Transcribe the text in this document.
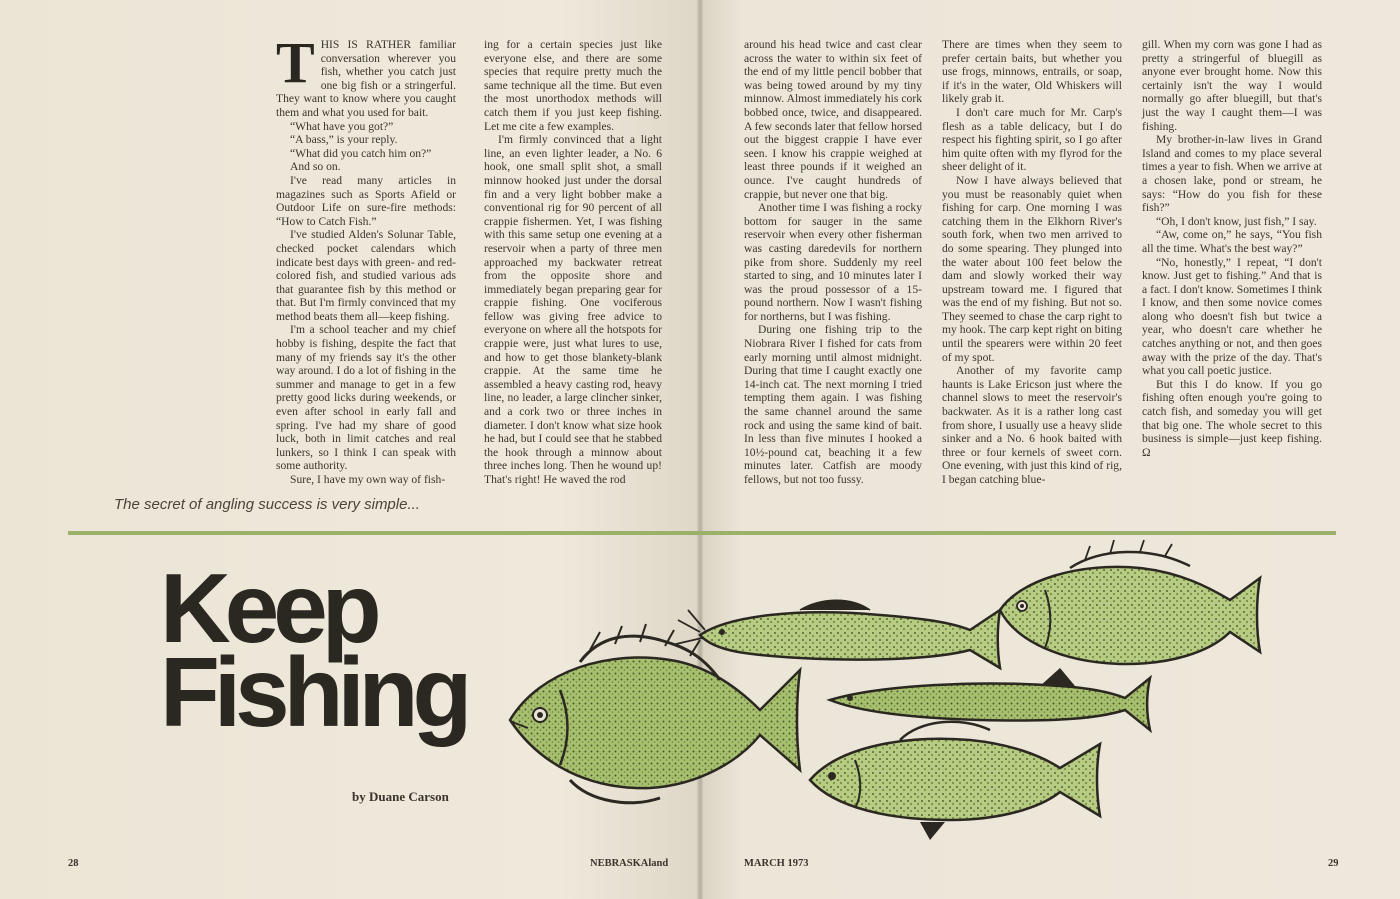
THIS IS RATHER familiar conversation wherever you fish, whether you catch just one big fish or a stringerful. They want to know where you caught them and what you used for bait.

“What have you got?”

“A bass,” is your reply.

“What did you catch him on?”

And so on.

I've read many articles in magazines such as Sports Afield or Outdoor Life on sure-fire methods: “How to Catch Fish.”

I've studied Alden's Solunar Table, checked pocket calendars which indicate best days with green- and red-colored fish, and studied various ads that guarantee fish by this method or that. But I'm firmly convinced that my method beats them all—keep fishing.

I'm a school teacher and my chief hobby is fishing, despite the fact that many of my friends say it's the other way around. I do a lot of fishing in the summer and manage to get in a few pretty good licks during weekends, or even after school in early fall and spring. I've had my share of good luck, both in limit catches and real lunkers, so I think I can speak with some authority.

Sure, I have my own way of fish-

ing for a certain species just like everyone else, and there are some species that require pretty much the same technique all the time. But even the most unorthodox methods will catch them if you just keep fishing. Let me cite a few examples.

I'm firmly convinced that a light line, an even lighter leader, a No. 6 hook, one small split shot, a small minnow hooked just under the dorsal fin and a very light bobber make a conventional rig for 90 percent of all crappie fishermen. Yet, I was fishing with this same setup one evening at a reservoir when a party of three men approached my backwater retreat from the opposite shore and immediately began preparing gear for crappie fishing. One vociferous fellow was giving free advice to everyone on where all the hotspots for crappie were, just what lures to use, and how to get those blankety-blank crappie. At the same time he assembled a heavy casting rod, heavy line, no leader, a large clincher sinker, and a cork two or three inches in diameter. I don't know what size hook he had, but I could see that he stabbed the hook through a minnow about three inches long. Then he wound up! That's right! He waved the rod

around his head twice and cast clear across the water to within six feet of the end of my little pencil bobber that was being towed around by my tiny minnow. Almost immediately his cork bobbed once, twice, and disappeared. A few seconds later that fellow horsed out the biggest crappie I have ever seen. I know his crappie weighed at least three pounds if it weighed an ounce. I've caught hundreds of crappie, but never one that big.

Another time I was fishing a rocky bottom for sauger in the same reservoir when every other fisherman was casting daredevils for northern pike from shore. Suddenly my reel started to sing, and 10 minutes later I was the proud possessor of a 15-pound northern. Now I wasn't fishing for northerns, but I was fishing.

During one fishing trip to the Niobrara River I fished for cats from early morning until almost midnight. During that time I caught exactly one 14-inch cat. The next morning I tried tempting them again. I was fishing the same channel around the same rock and using the same kind of bait. In less than five minutes I hooked a 10½-pound cat, beaching it a few minutes later. Catfish are moody fellows, but not too fussy.

There are times when they seem to prefer certain baits, but whether you use frogs, minnows, entrails, or soap, if it's in the water, Old Whiskers will likely grab it.

I don't care much for Mr. Carp's flesh as a table delicacy, but I do respect his fighting spirit, so I go after him quite often with my flyrod for the sheer delight of it.

Now I have always believed that you must be reasonably quiet when fishing for carp. One morning I was catching them in the Elkhorn River's south fork, when two men arrived to do some spearing. They plunged into the water about 100 feet below the dam and slowly worked their way upstream toward me. I figured that was the end of my fishing. But not so. They seemed to chase the carp right to my hook. The carp kept right on biting until the spearers were within 20 feet of my spot.

Another of my favorite camp haunts is Lake Ericson just where the channel slows to meet the reservoir's backwater. As it is a rather long cast from shore, I usually use a heavy slide sinker and a No. 6 hook baited with three or four kernels of sweet corn. One evening, with just this kind of rig, I began catching blue-

gill. When my corn was gone I had as pretty a stringerful of bluegill as anyone ever brought home. Now this certainly isn't the way I would normally go after bluegill, but that's just the way I caught them—I was fishing.

My brother-in-law lives in Grand Island and comes to my place several times a year to fish. When we arrive at a chosen lake, pond or stream, he says: “How do you fish for these fish?”

“Oh, I don't know, just fish,” I say.

“Aw, come on,” he says, “You fish all the time. What's the best way?”

“No, honestly,” I repeat, “I don't know. Just get to fishing.” And that is a fact. I don't know. Sometimes I think I know, and then some novice comes along who doesn't fish but twice a year, who doesn't care whether he catches anything or not, and then goes away with the prize of the day. That's what you call poetic justice.

But this I do know. If you go fishing often enough you're going to catch fish, and someday you will get that big one. The whole secret to this business is simple—just keep fishing. Ω

The secret of angling success is very simple...
Keep
Fishing
by Duane Carson
28	NEBRASKAland	MARCH 1973	29
